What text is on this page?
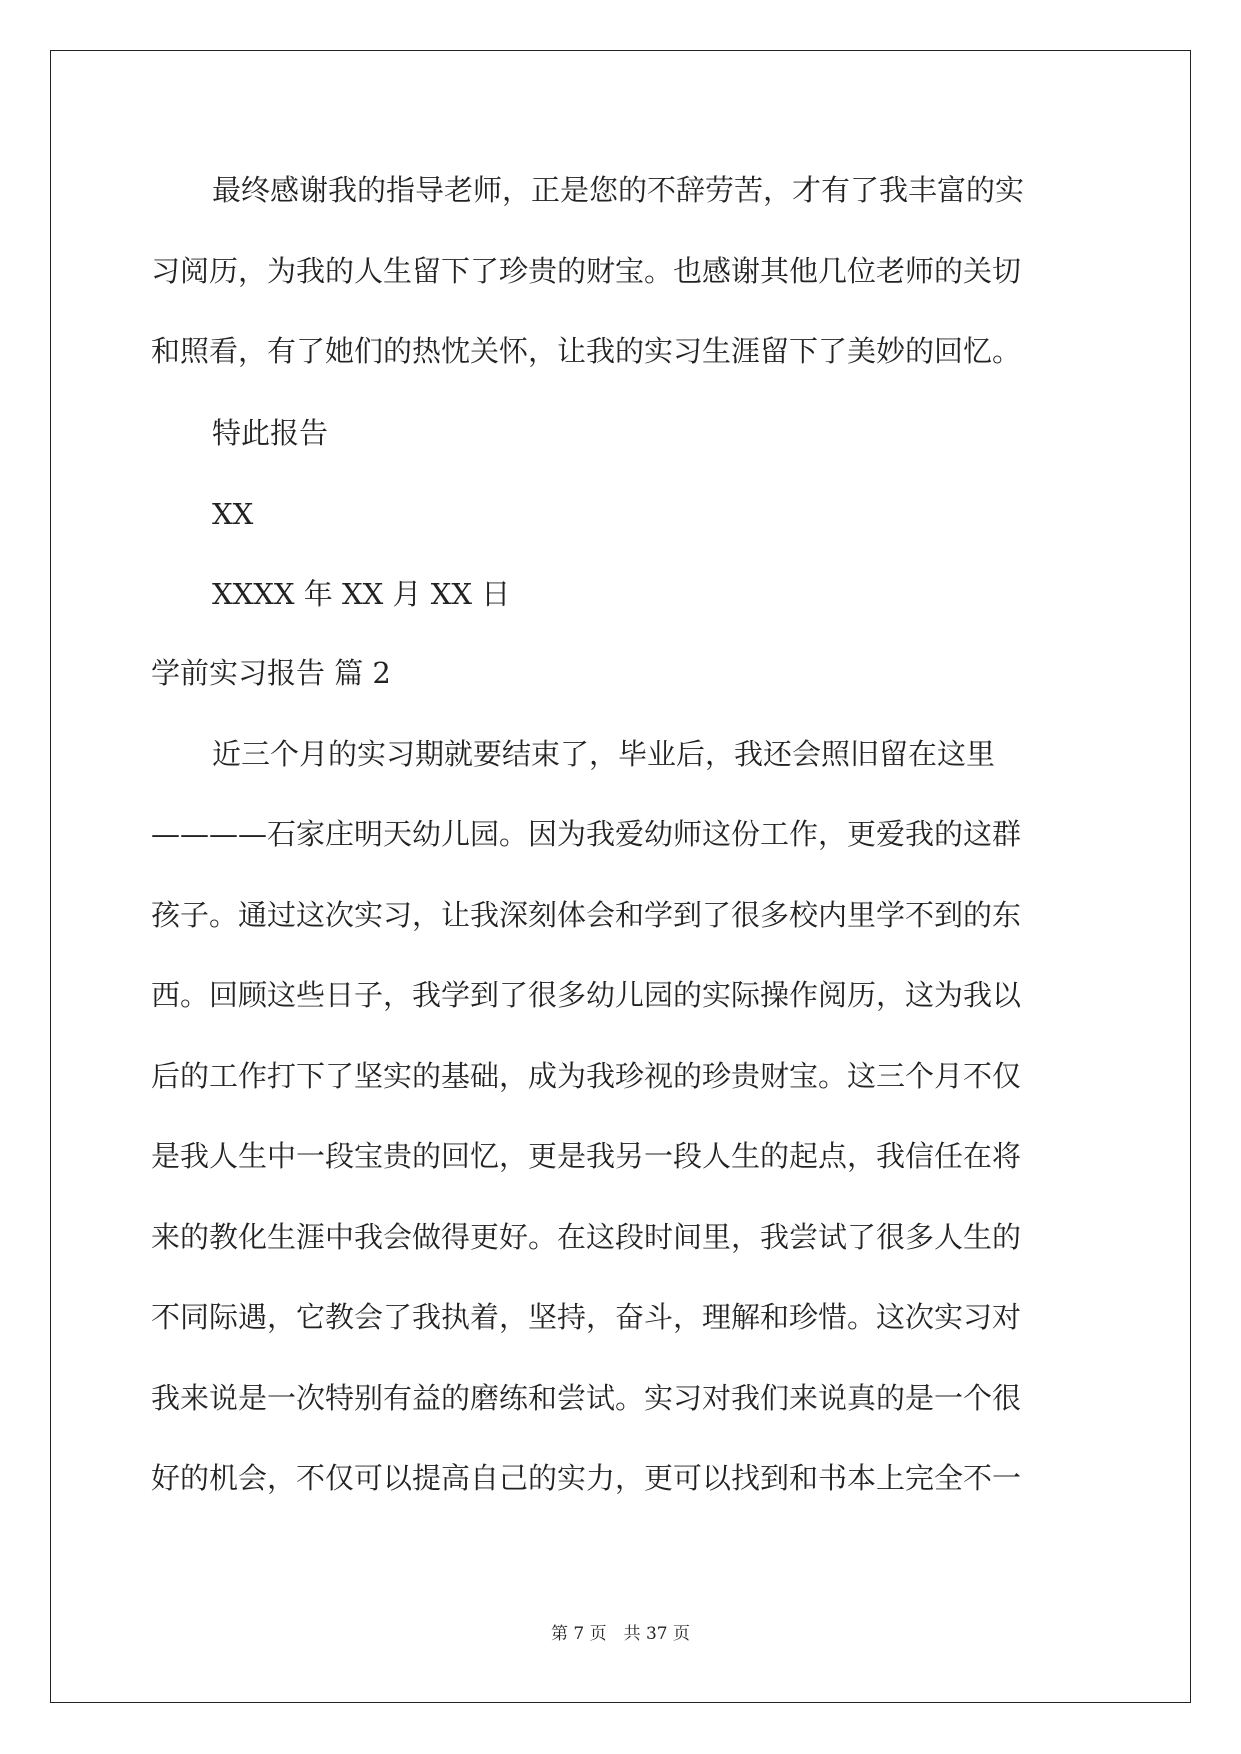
最终感谢我的指导老师，正是您的不辞劳苦，才有了我丰富的实
习阅历，为我的人生留下了珍贵的财宝。也感谢其他几位老师的关切
和照看，有了她们的热忱关怀，让我的实习生涯留下了美妙的回忆。
特此报告
XX
XXXX 年 XX 月 XX 日
学前实习报告 篇 2
近三个月的实习期就要结束了，毕业后，我还会照旧留在这里
————石家庄明天幼儿园。因为我爱幼师这份工作，更爱我的这群
孩子。通过这次实习，让我深刻体会和学到了很多校内里学不到的东
西。回顾这些日子，我学到了很多幼儿园的实际操作阅历，这为我以
后的工作打下了坚实的基础，成为我珍视的珍贵财宝。这三个月不仅
是我人生中一段宝贵的回忆，更是我另一段人生的起点，我信任在将
来的教化生涯中我会做得更好。在这段时间里，我尝试了很多人生的
不同际遇，它教会了我执着，坚持，奋斗，理解和珍惜。这次实习对
我来说是一次特别有益的磨练和尝试。实习对我们来说真的是一个很
好的机会，不仅可以提高自己的实力，更可以找到和书本上完全不一
第 7 页　共 37 页
